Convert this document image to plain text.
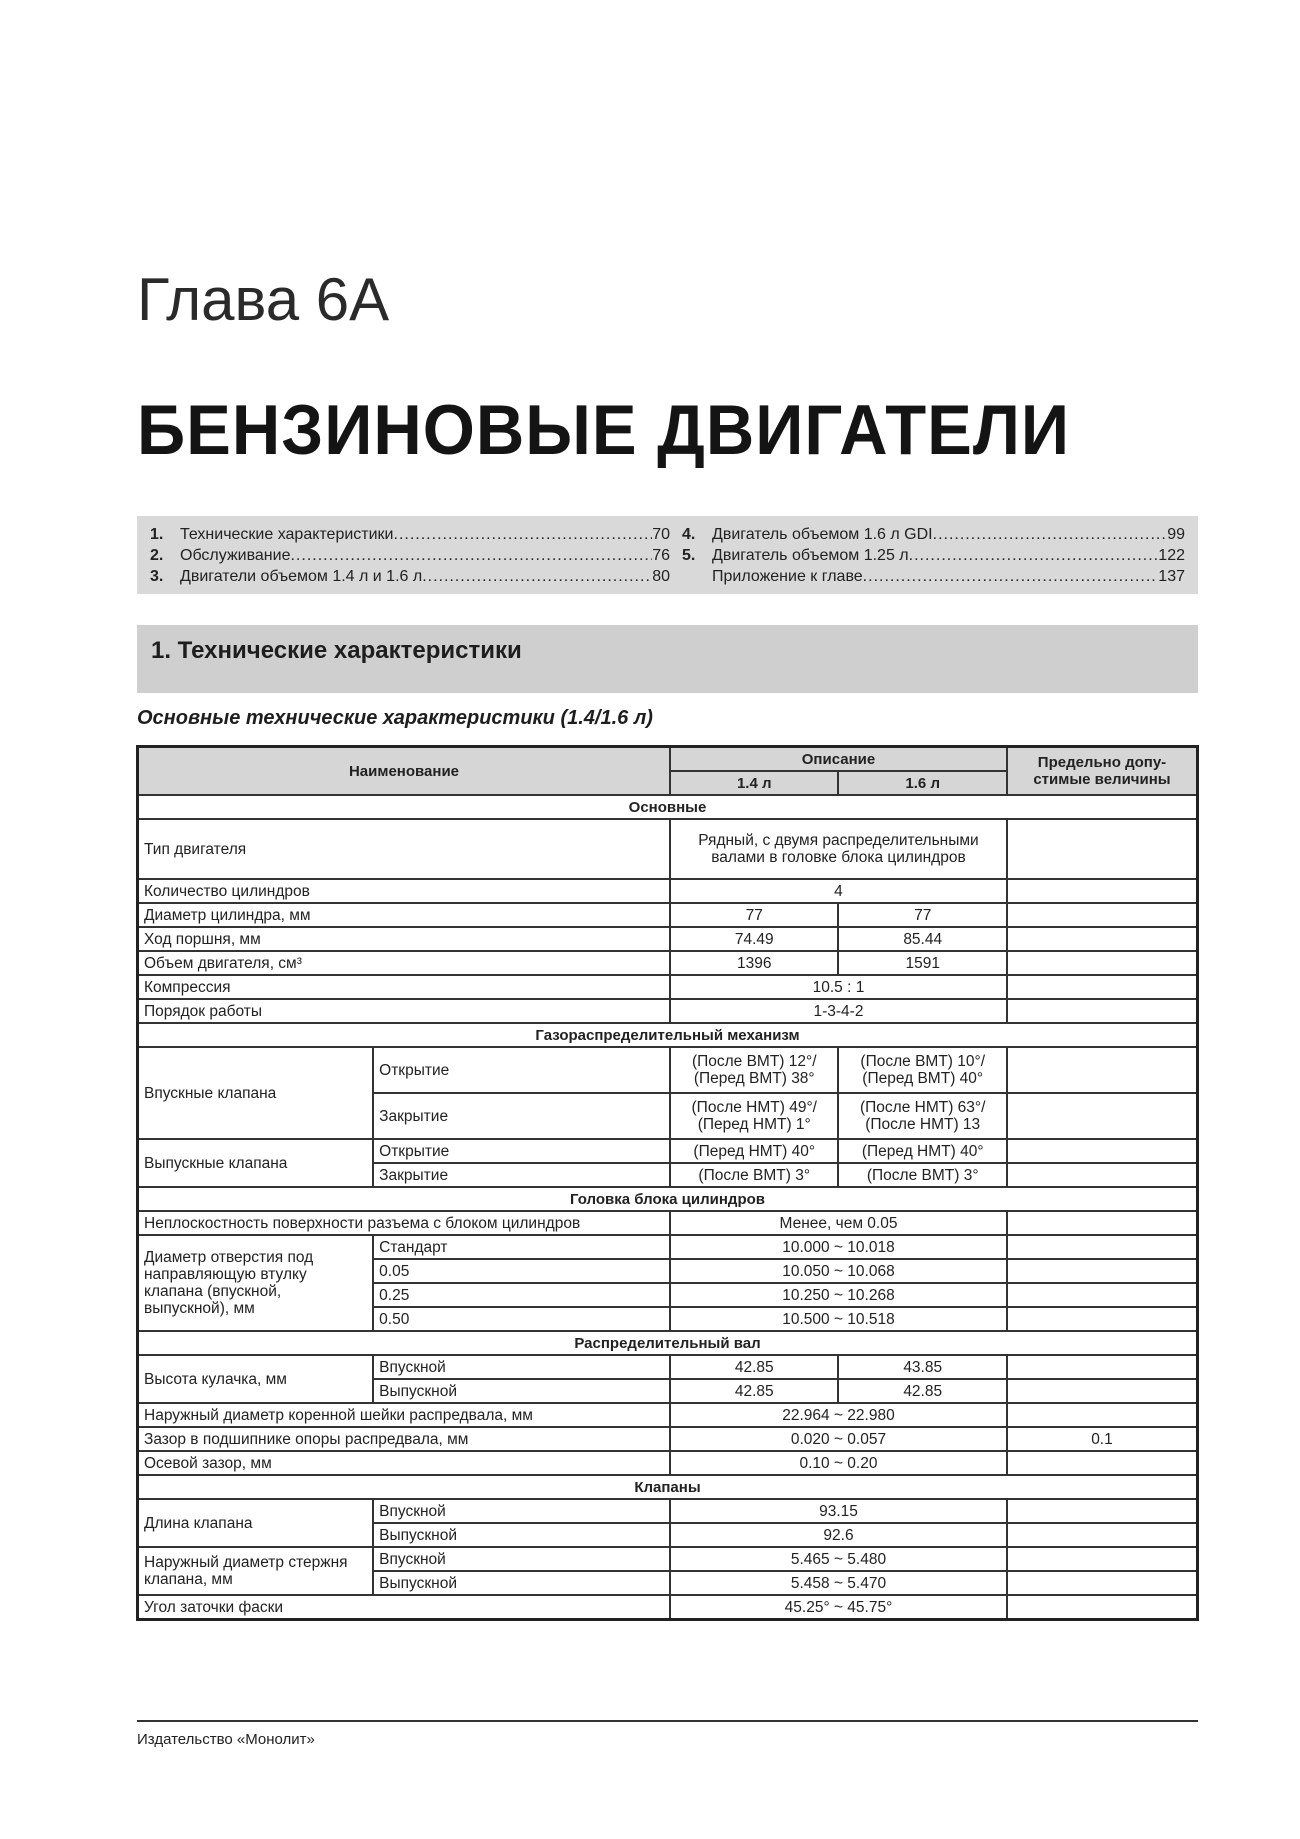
Глава 6А
БЕНЗИНОВЫЕ ДВИГАТЕЛИ
1.	Технические характеристики .....	70
2.	Обслуживание .....	76
3.	Двигатели объемом 1.4 л и 1.6 л .....	80
4.	Двигатель объемом 1.6 л GDI .....	99
5.	Двигатель объемом 1.25 л .....	122
Приложение к главе .....	137
1. Технические характеристики
Основные технические характеристики (1.4/1.6 л)
Наименование		Описание		Предельно допу-стимые величины
		1.4 л	1.6 л	
Основные				
Тип двигателя		Рядный, с двумя распределительными валами в головке блока цилиндров		
Количество цилиндров		4		
Диаметр цилиндра, мм		77	77	
Ход поршня, мм		74.49	85.44	
Объем двигателя, см³		1396	1591	
Компрессия		10.5 : 1		
Порядок работы		1-3-4-2		
Газораспределительный механизм				
Впускные клапана	Открытие	(После ВМТ) 12°/ (Перед ВМТ) 38°	(После ВМТ) 10°/ (Перед ВМТ) 40°	
	Закрытие	(После НМТ) 49°/ (Перед НМТ) 1°	(После НМТ) 63°/ (После НМТ) 13	
Выпускные клапана	Открытие	(Перед НМТ) 40°	(Перед НМТ) 40°	
	Закрытие	(После ВМТ) 3°	(После ВМТ) 3°	
Головка блока цилиндров				
Неплоскостность поверхности разъема с блоком цилиндров		Менее, чем 0.05		
Диаметр отверстия под направляющую втулку клапана (впускной, выпускной), мм	Стандарт	10.000 ~ 10.018		
	0.05	10.050 ~ 10.068		
	0.25	10.250 ~ 10.268		
	0.50	10.500 ~ 10.518		
Распределительный вал				
Высота кулачка, мм	Впускной	42.85	43.85	
	Выпускной	42.85	42.85	
Наружный диаметр коренной шейки распредвала, мм		22.964 ~ 22.980		
Зазор в подшипнике опоры распредвала, мм		0.020 ~ 0.057		0.1
Осевой зазор, мм		0.10 ~ 0.20		
Клапаны				
Длина клапана	Впускной	93.15		
	Выпускной	92.6		
Наружный диаметр стержня клапана, мм	Впускной	5.465 ~ 5.480		
	Выпускной	5.458 ~ 5.470		
Угол заточки фаски		45.25° ~ 45.75°		
Издательство «Монолит»
